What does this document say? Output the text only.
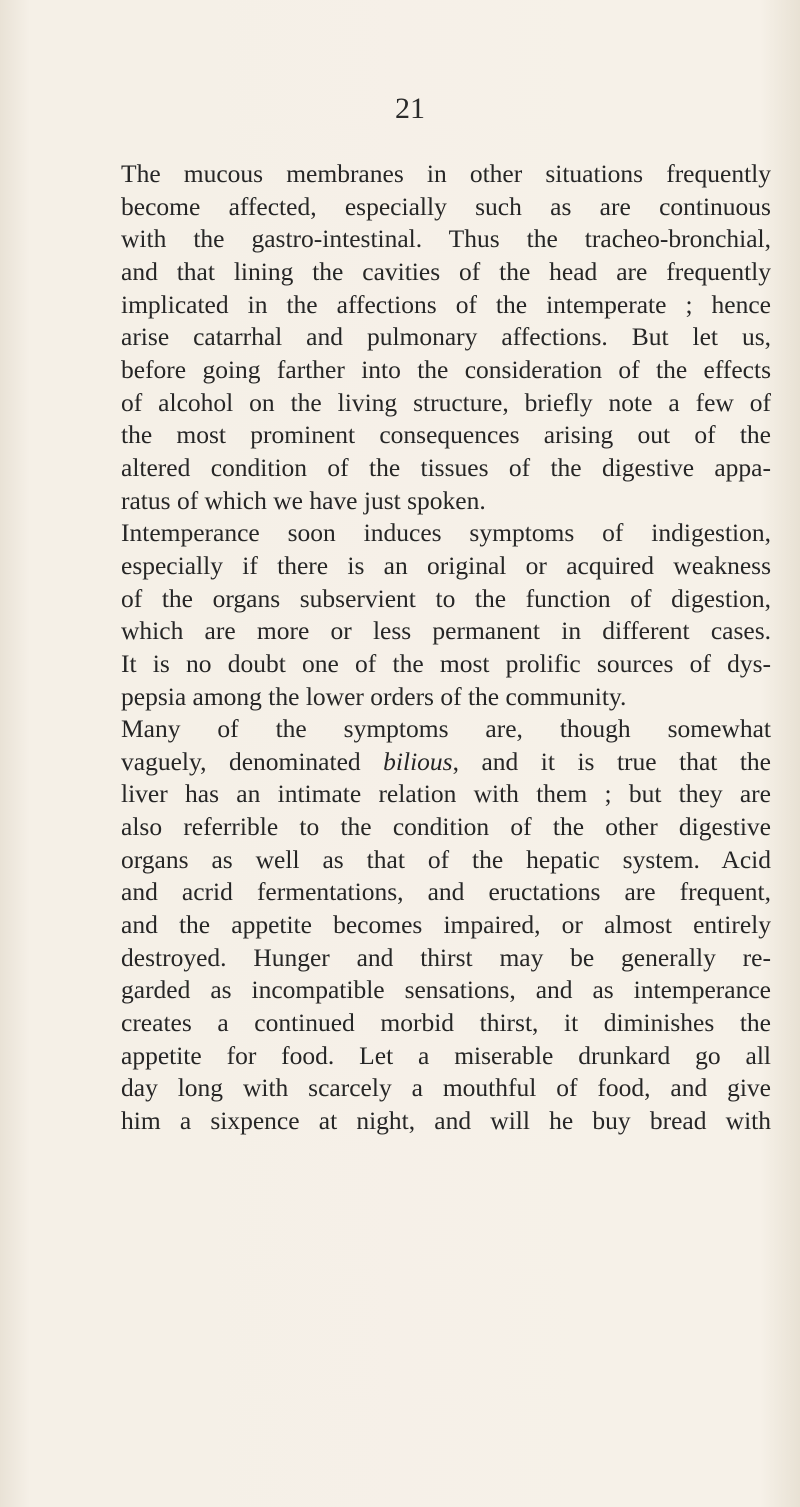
21
The mucous membranes in other situations frequently
become affected, especially such as are continuous
with the gastro-intestinal. Thus the tracheo-bronchial,
and that lining the cavities of the head are frequently
implicated in the affections of the intemperate ; hence
arise catarrhal and pulmonary affections. But let us,
before going farther into the consideration of the effects
of alcohol on the living structure, briefly note a few of
the most prominent consequences arising out of the
altered condition of the tissues of the digestive appa-
ratus of which we have just spoken.
Intemperance soon induces symptoms of indigestion,
especially if there is an original or acquired weakness
of the organs subservient to the function of digestion,
which are more or less permanent in different cases.
It is no doubt one of the most prolific sources of dys-
pepsia among the lower orders of the community.
Many of the symptoms are, though somewhat
vaguely, denominated bilious, and it is true that the
liver has an intimate relation with them ; but they are
also referrible to the condition of the other digestive
organs as well as that of the hepatic system. Acid
and acrid fermentations, and eructations are frequent,
and the appetite becomes impaired, or almost entirely
destroyed. Hunger and thirst may be generally re-
garded as incompatible sensations, and as intemperance
creates a continued morbid thirst, it diminishes the
appetite for food. Let a miserable drunkard go all
day long with scarcely a mouthful of food, and give
him a sixpence at night, and will he buy bread with
